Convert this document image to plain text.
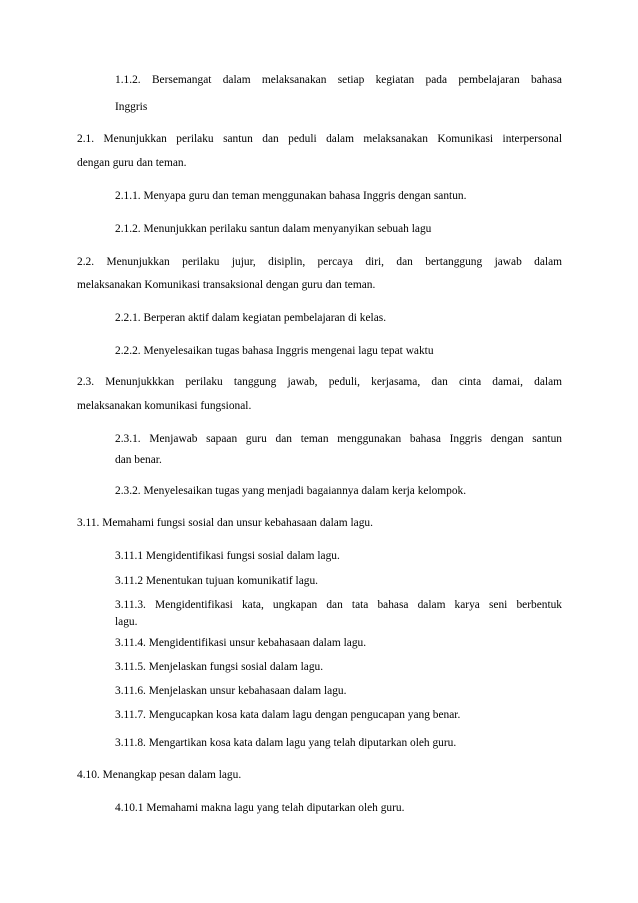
1.1.2. Bersemangat dalam melaksanakan setiap kegiatan pada pembelajaran bahasa
Inggris
2.1. Menunjukkan perilaku santun dan peduli dalam melaksanakan Komunikasi interpersonal
dengan guru dan teman.
2.1.1. Menyapa guru dan teman menggunakan bahasa Inggris dengan santun.
2.1.2. Menunjukkan perilaku santun dalam menyanyikan sebuah lagu
2.2. Menunjukkan perilaku jujur, disiplin, percaya diri, dan bertanggung jawab dalam
melaksanakan Komunikasi transaksional dengan guru dan teman.
2.2.1. Berperan aktif dalam kegiatan pembelajaran di kelas.
2.2.2. Menyelesaikan tugas bahasa Inggris mengenai lagu tepat waktu
2.3. Menunjukkkan perilaku tanggung jawab, peduli, kerjasama, dan cinta damai, dalam
melaksanakan komunikasi fungsional.
2.3.1. Menjawab sapaan guru dan teman menggunakan bahasa Inggris dengan santun
dan benar.
2.3.2. Menyelesaikan tugas yang menjadi bagaiannya dalam kerja kelompok.
3.11. Memahami fungsi sosial dan unsur kebahasaan dalam lagu.
3.11.1 Mengidentifikasi fungsi sosial dalam lagu.
3.11.2 Menentukan tujuan komunikatif lagu.
3.11.3. Mengidentifikasi kata, ungkapan dan tata bahasa dalam karya seni berbentuk
lagu.
3.11.4. Mengidentifikasi unsur kebahasaan dalam lagu.
3.11.5. Menjelaskan fungsi sosial dalam lagu.
3.11.6. Menjelaskan unsur kebahasaan dalam lagu.
3.11.7. Mengucapkan kosa kata dalam lagu dengan pengucapan yang benar.
3.11.8. Mengartikan kosa kata dalam lagu yang telah diputarkan oleh guru.
4.10. Menangkap pesan dalam lagu.
4.10.1 Memahami makna lagu yang telah diputarkan oleh guru.
